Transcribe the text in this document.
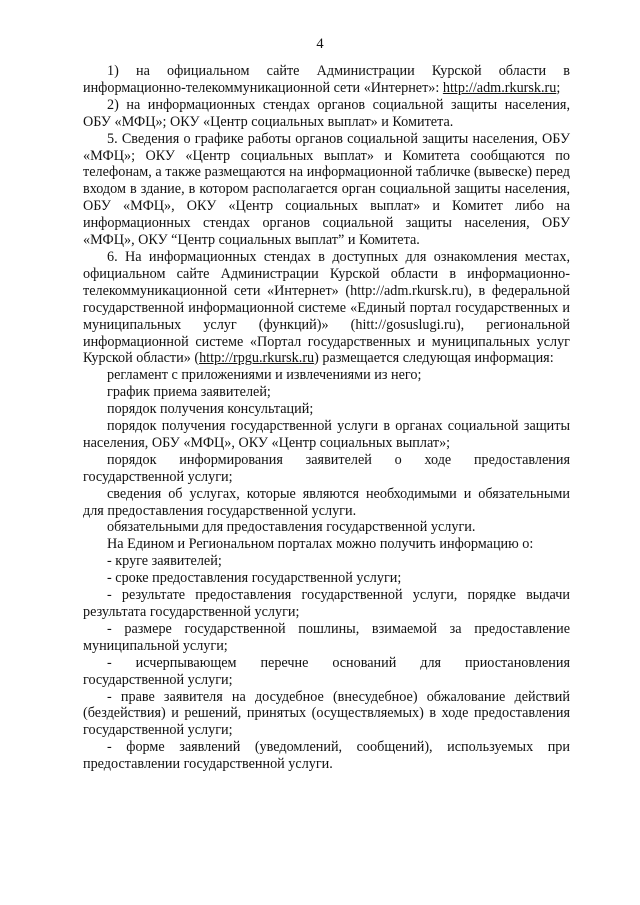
4

1) на официальном сайте Администрации Курской области в информационно-телекоммуникационной сети «Интернет»: http://adm.rkursk.ru;

2) на информационных стендах органов социальной защиты населения, ОБУ «МФЦ»; ОКУ «Центр социальных выплат» и Комитета.

5. Сведения о графике работы органов социальной защиты населения, ОБУ «МФЦ»; ОКУ «Центр социальных выплат» и Комитета сообщаются по телефонам, а также размещаются на информационной табличке (вывеске) перед входом в здание, в котором располагается орган социальной защиты населения, ОБУ «МФЦ», ОКУ «Центр социальных выплат» и Комитет либо на информационных стендах органов социальной защиты населения, ОБУ «МФЦ», ОКУ “Центр социальных выплат” и Комитета.

6. На информационных стендах в доступных для ознакомления местах, официальном сайте Администрации Курской области в информационно-телекоммуникационной сети «Интернет» (http://adm.rkursk.ru), в федеральной государственной информационной системе «Единый портал государственных и муниципальных услуг (функций)» (hitt://gosuslugi.ru), региональной информационной системе «Портал государственных и муниципальных услуг Курской области» (http://rpgu.rkursk.ru) размещается следующая информация:

регламент с приложениями и извлечениями из него;

график приема заявителей;

порядок получения консультаций;

порядок получения государственной услуги в органах социальной защиты населения, ОБУ «МФЦ», ОКУ «Центр социальных выплат»;

порядок информирования заявителей о ходе предоставления государственной услуги;

сведения об услугах, которые являются необходимыми и обязательными для предоставления государственной услуги.

обязательными для предоставления государственной услуги.

На Едином и Региональном порталах можно получить информацию о:

- круге заявителей;

- сроке предоставления государственной услуги;

- результате предоставления государственной услуги, порядке выдачи результата государственной услуги;

- размере государственной пошлины, взимаемой за предоставление муниципальной услуги;

- исчерпывающем перечне оснований для приостановления государственной услуги;

- праве заявителя на досудебное (внесудебное) обжалование действий (бездействия) и решений, принятых (осуществляемых) в ходе предоставления государственной услуги;

- форме заявлений (уведомлений, сообщений), используемых при предоставлении государственной услуги.
